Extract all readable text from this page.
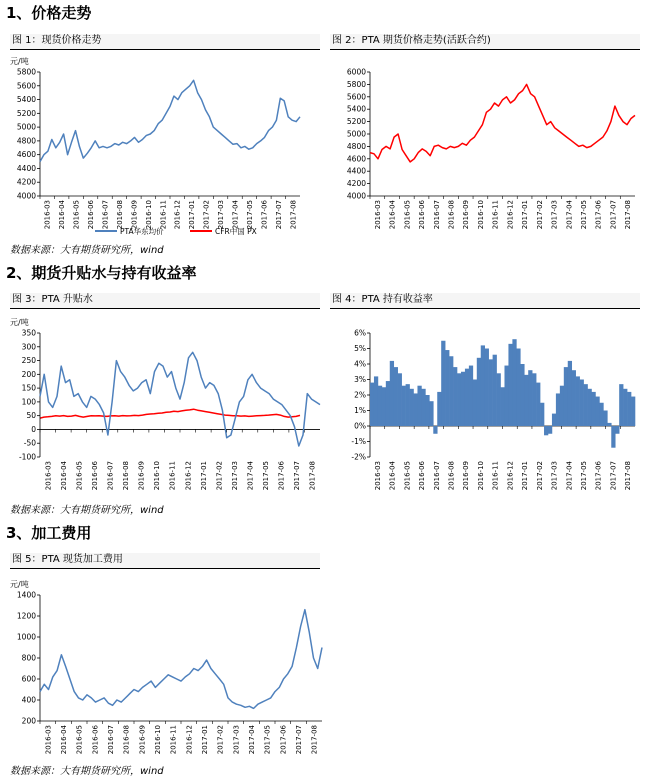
1、价格走势
2、期货升贴水与持有收益率
3、加工费用
图 1：现货价格走势	图 2：PTA 期货价格走势(活跃合约)
图 3：PTA 升贴水	图 4：PTA 持有收益率
图 5：PTA 现货加工费用
元/吨
4000
4200
4400
4600
4800
5000
5200
5400
5600
5800
2016-03 2016-04 2016-05 2016-06 2016-07 2016-08 2016-09 2016-10 2016-11 2016-12 2017-01 2017-02 2017-03 2017-04 2017-05 2017-06 2017-07 2017-08
PTA华东均价	CFR中国 PX
4000
4200
4400
4600
4800
5000
5200
5400
5600
5800
6000
2016-03 2016-04 2016-05 2016-06 2016-07 2016-08 2016-09 2016-10 2016-11 2016-12 2017-01 2017-02 2017-03 2017-04 2017-05 2017-06 2017-07 2017-08
元/吨
-100
-50
0
50
100
150
200
250
300
350
2016-03 2016-04 2016-05 2016-06 2016-07 2016-08 2016-09 2016-10 2016-11 2016-12 2017-01 2017-02 2017-03 2017-04 2017-05 2017-06 2017-07 2017-08
-2%
-1%
0%
1%
2%
3%
4%
5%
6%
2016-03 2016-04 2016-05 2016-06 2016-07 2016-08 2016-09 2016-10 2016-11 2016-12 2017-01 2017-02 2017-03 2017-04 2017-05 2017-06 2017-07 2017-08
元/吨
200
400
600
800
1000
1200
1400
2016-03 2016-04 2016-05 2016-06 2016-07 2016-08 2016-09 2016-10 2016-11 2016-12 2017-01 2017-02 2017-03 2017-04 2017-05 2017-06 2017-07 2017-08
数据来源：大有期货研究所，wind
数据来源：大有期货研究所，wind
数据来源：大有期货研究所，wind
